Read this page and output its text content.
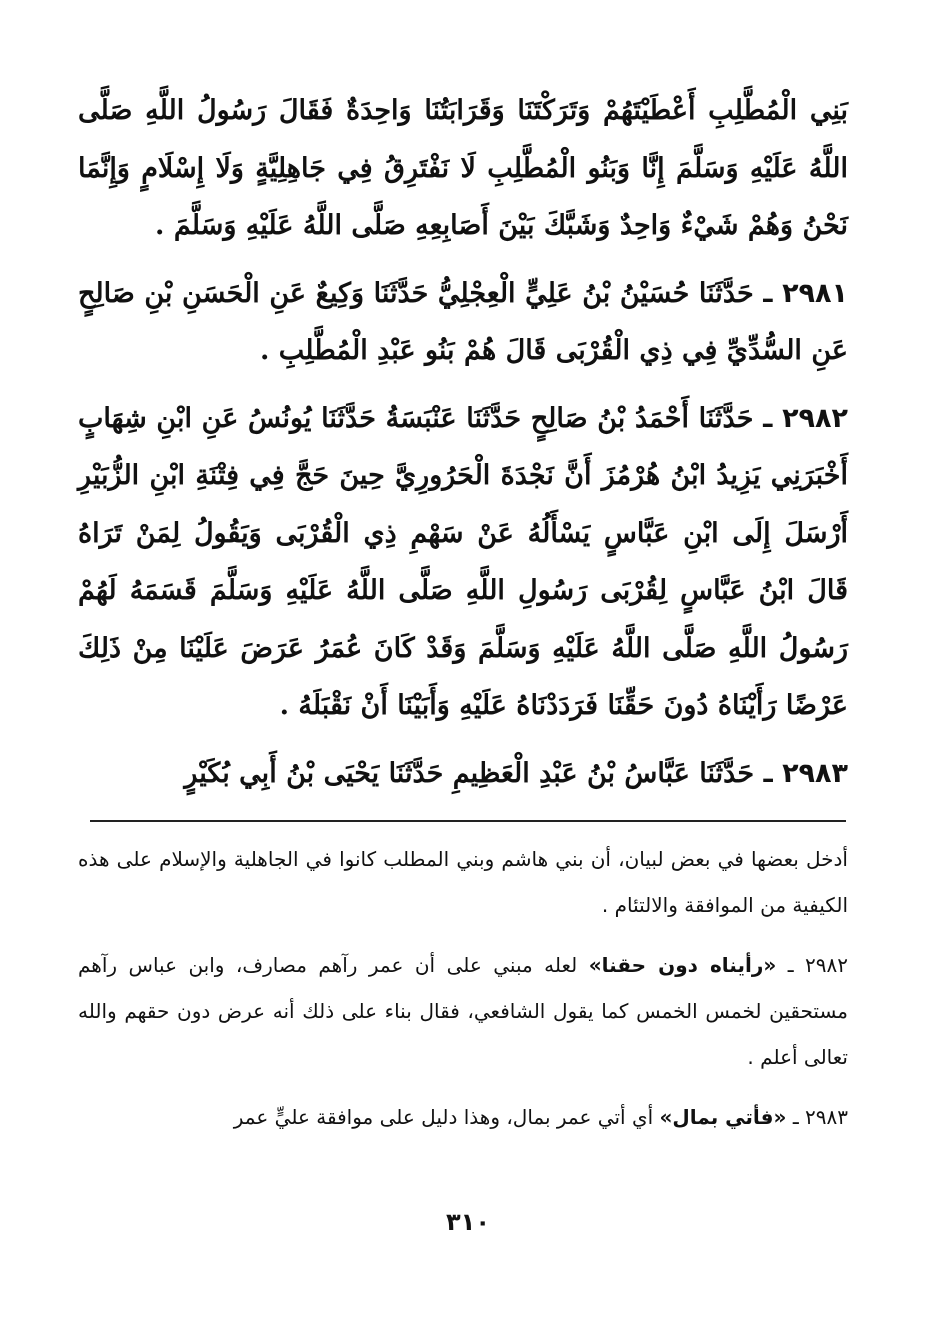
بَنِي الْمُطَّلِبِ أَعْطَيْتَهُمْ وَتَرَكْتَنَا وَقَرَابَتُنَا وَاحِدَةٌ فَقَالَ رَسُولُ اللَّهِ صَلَّى اللَّهُ عَلَيْهِ وَسَلَّمَ إِنَّا وَبَنُو الْمُطَّلِبِ لَا نَفْتَرِقُ فِي جَاهِلِيَّةٍ وَلَا إِسْلَامٍ وَإِنَّمَا نَحْنُ وَهُمْ شَيْءٌ وَاحِدٌ وَشَبَّكَ بَيْنَ أَصَابِعِهِ صَلَّى اللَّهُ عَلَيْهِ وَسَلَّمَ .

٢٩٨١ ـ حَدَّثَنَا حُسَيْنُ بْنُ عَلِيٍّ الْعِجْلِيُّ حَدَّثَنَا وَكِيعٌ عَنِ الْحَسَنِ بْنِ صَالِحٍ عَنِ السُّدِّيِّ فِي ذِي الْقُرْبَى قَالَ هُمْ بَنُو عَبْدِ الْمُطَّلِبِ .

٢٩٨٢ ـ حَدَّثَنَا أَحْمَدُ بْنُ صَالِحٍ حَدَّثَنَا عَنْبَسَةُ حَدَّثَنَا يُونُسُ عَنِ ابْنِ شِهَابٍ أَخْبَرَنِي يَزِيدُ ابْنُ هُرْمُزَ أَنَّ نَجْدَةَ الْحَرُورِيَّ حِينَ حَجَّ فِي فِتْنَةِ ابْنِ الزُّبَيْرِ أَرْسَلَ إِلَى ابْنِ عَبَّاسٍ يَسْأَلُهُ عَنْ سَهْمِ ذِي الْقُرْبَى وَيَقُولُ لِمَنْ تَرَاهُ قَالَ ابْنُ عَبَّاسٍ لِقُرْبَى رَسُولِ اللَّهِ صَلَّى اللَّهُ عَلَيْهِ وَسَلَّمَ قَسَمَهُ لَهُمْ رَسُولُ اللَّهِ صَلَّى اللَّهُ عَلَيْهِ وَسَلَّمَ وَقَدْ كَانَ عُمَرُ عَرَضَ عَلَيْنَا مِنْ ذَلِكَ عَرْضًا رَأَيْنَاهُ دُونَ حَقِّنَا فَرَدَدْنَاهُ عَلَيْهِ وَأَبَيْنَا أَنْ نَقْبَلَهُ .

٢٩٨٣ ـ حَدَّثَنَا عَبَّاسُ بْنُ عَبْدِ الْعَظِيمِ حَدَّثَنَا يَحْيَى بْنُ أَبِي بُكَيْرٍ

أدخل بعضها في بعض لبيان، أن بني هاشم وبني المطلب كانوا في الجاهلية والإسلام على هذه الكيفية من الموافقة والالتئام .

٢٩٨٢ ـ «رأيناه دون حقنا» لعله مبني على أن عمر رآهم مصارف، وابن عباس رآهم مستحقين لخمس الخمس كما يقول الشافعي، فقال بناء على ذلك أنه عرض دون حقهم والله تعالى أعلم .

٢٩٨٣ ـ «فأتي بمال» أي أتي عمر بمال، وهذا دليل على موافقة عليٍّ عمر

٣١٠
